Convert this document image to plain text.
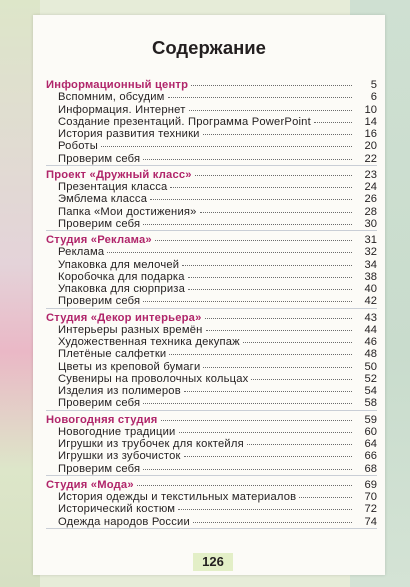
Содержание
Информационный центр	5
Вспомним, обсудим	6
Информация. Интернет	10
Создание презентаций. Программа PowerPoint	14
История развития техники	16
Роботы	20
Проверим себя	22
Проект «Дружный класс»	23
Презентация класса	24
Эмблема класса	26
Папка «Мои достижения»	28
Проверим себя	30
Студия «Реклама»	31
Реклама	32
Упаковка для мелочей	34
Коробочка для подарка	38
Упаковка для сюрприза	40
Проверим себя	42
Студия «Декор интерьера»	43
Интерьеры разных времён	44
Художественная техника декупаж	46
Плетёные салфетки	48
Цветы из креповой бумаги	50
Сувениры на проволочных кольцах	52
Изделия из полимеров	54
Проверим себя	58
Новогодняя студия	59
Новогодние традиции	60
Игрушки из трубочек для коктейля	64
Игрушки из зубочисток	66
Проверим себя	68
Студия «Мода»	69
История одежды и текстильных материалов	70
Исторический костюм	72
Одежда народов России	74
126
